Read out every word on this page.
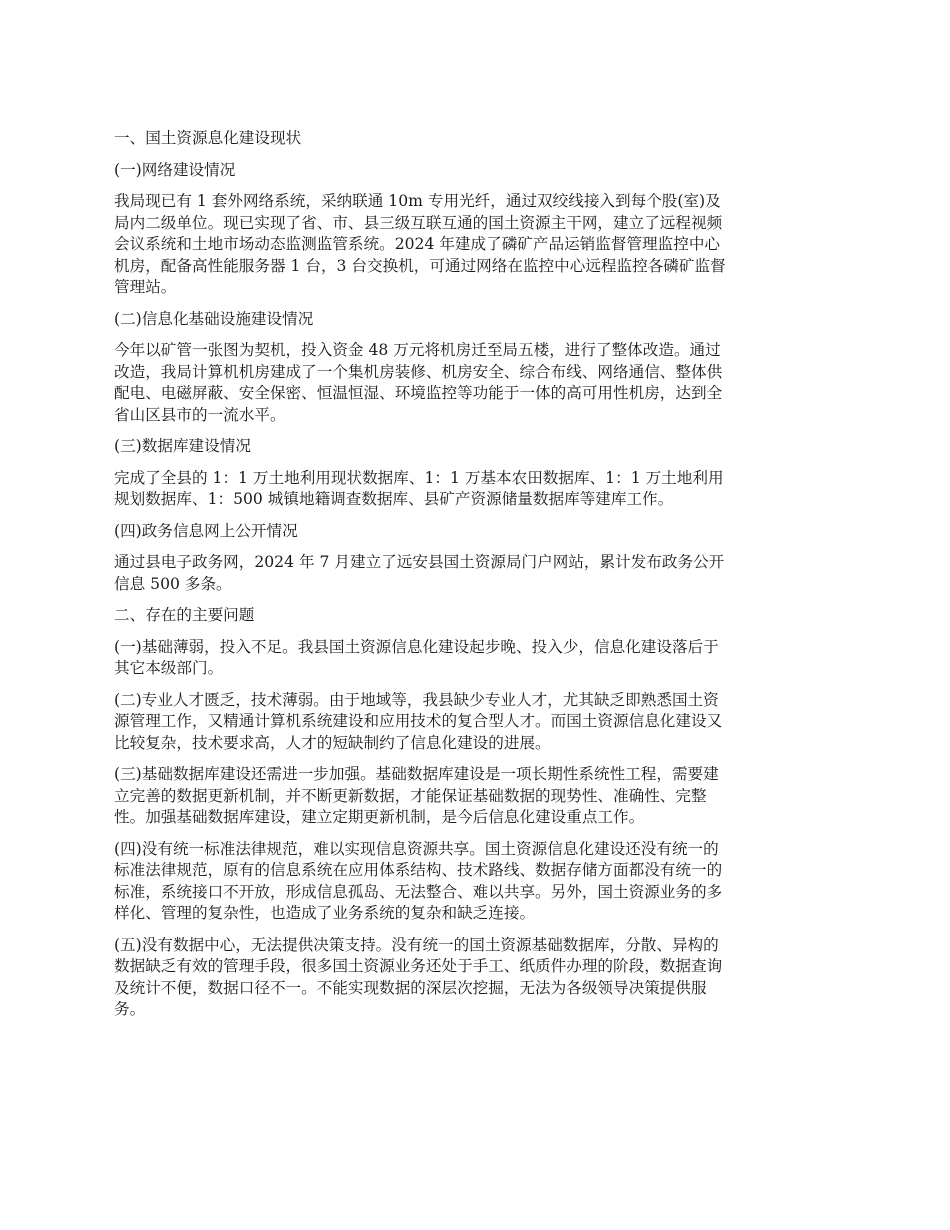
一、国土资源息化建设现状
(一)网络建设情况
我局现已有 1 套外网络系统，采纳联通 10m 专用光纤，通过双绞线接入到每个股(室)及
局内二级单位。现已实现了省、市、县三级互联互通的国土资源主干网，建立了远程视频
会议系统和土地市场动态监测监管系统。2024 年建成了磷矿产品运销监督管理监控中心
机房，配备高性能服务器 1 台，3 台交换机，可通过网络在监控中心远程监控各磷矿监督
管理站。
(二)信息化基础设施建设情况
今年以矿管一张图为契机，投入资金 48 万元将机房迁至局五楼，进行了整体改造。通过
改造，我局计算机机房建成了一个集机房装修、机房安全、综合布线、网络通信、整体供
配电、电磁屏蔽、安全保密、恒温恒湿、环境监控等功能于一体的高可用性机房，达到全
省山区县市的一流水平。
(三)数据库建设情况
完成了全县的 1：1 万土地利用现状数据库、1：1 万基本农田数据库、1：1 万土地利用
规划数据库、1：500 城镇地籍调查数据库、县矿产资源储量数据库等建库工作。
(四)政务信息网上公开情况
通过县电子政务网，2024 年 7 月建立了远安县国土资源局门户网站，累计发布政务公开
信息 500 多条。
二、存在的主要问题
(一)基础薄弱，投入不足。我县国土资源信息化建设起步晚、投入少，信息化建设落后于
其它本级部门。
(二)专业人才匮乏，技术薄弱。由于地域等，我县缺少专业人才，尤其缺乏即熟悉国土资
源管理工作，又精通计算机系统建设和应用技术的复合型人才。而国土资源信息化建设又
比较复杂，技术要求高，人才的短缺制约了信息化建设的进展。
(三)基础数据库建设还需进一步加强。基础数据库建设是一项长期性系统性工程，需要建
立完善的数据更新机制，并不断更新数据，才能保证基础数据的现势性、准确性、完整
性。加强基础数据库建设，建立定期更新机制，是今后信息化建设重点工作。
(四)没有统一标准法律规范，难以实现信息资源共享。国土资源信息化建设还没有统一的
标准法律规范，原有的信息系统在应用体系结构、技术路线、数据存储方面都没有统一的
标准，系统接口不开放，形成信息孤岛、无法整合、难以共享。另外，国土资源业务的多
样化、管理的复杂性，也造成了业务系统的复杂和缺乏连接。
(五)没有数据中心，无法提供决策支持。没有统一的国土资源基础数据库，分散、异构的
数据缺乏有效的管理手段，很多国土资源业务还处于手工、纸质件办理的阶段，数据查询
及统计不便，数据口径不一。不能实现数据的深层次挖掘，无法为各级领导决策提供服
务。
